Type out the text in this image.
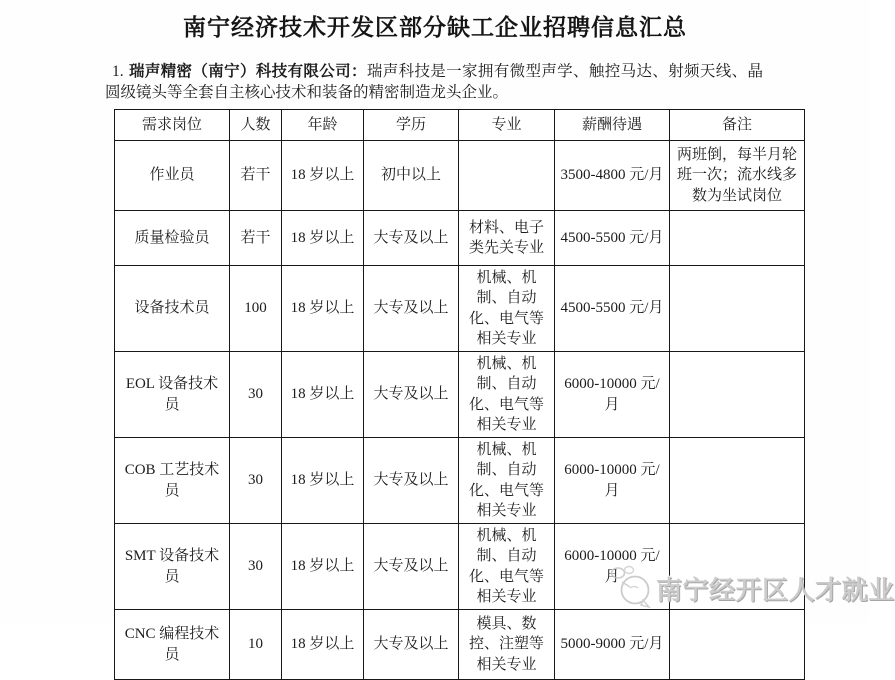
南宁经济技术开发区部分缺工企业招聘信息汇总

1. 瑞声精密（南宁）科技有限公司：瑞声科技是一家拥有微型声学、触控马达、射频天线、晶圆级镜头等全套自主核心技术和装备的精密制造龙头企业。

需求岗位	人数	年龄	学历	专业	薪酬待遇	备注
作业员	若干	18 岁以上	初中以上		3500-4800 元/月	两班倒，每半月轮班一次；流水线多数为坐试岗位
质量检验员	若干	18 岁以上	大专及以上	材料、电子类先关专业	4500-5500 元/月	
设备技术员	100	18 岁以上	大专及以上	机械、机制、自动化、电气等相关专业	4500-5500 元/月	
EOL 设备技术员	30	18 岁以上	大专及以上	机械、机制、自动化、电气等相关专业	6000-10000 元/月	
COB 工艺技术员	30	18 岁以上	大专及以上	机械、机制、自动化、电气等相关专业	6000-10000 元/月	
SMT 设备技术员	30	18 岁以上	大专及以上	机械、机制、自动化、电气等相关专业	6000-10000 元/月	
CNC 编程技术员	10	18 岁以上	大专及以上	模具、数控、注塑等相关专业	5000-9000 元/月	
南宁经开区人才就业
